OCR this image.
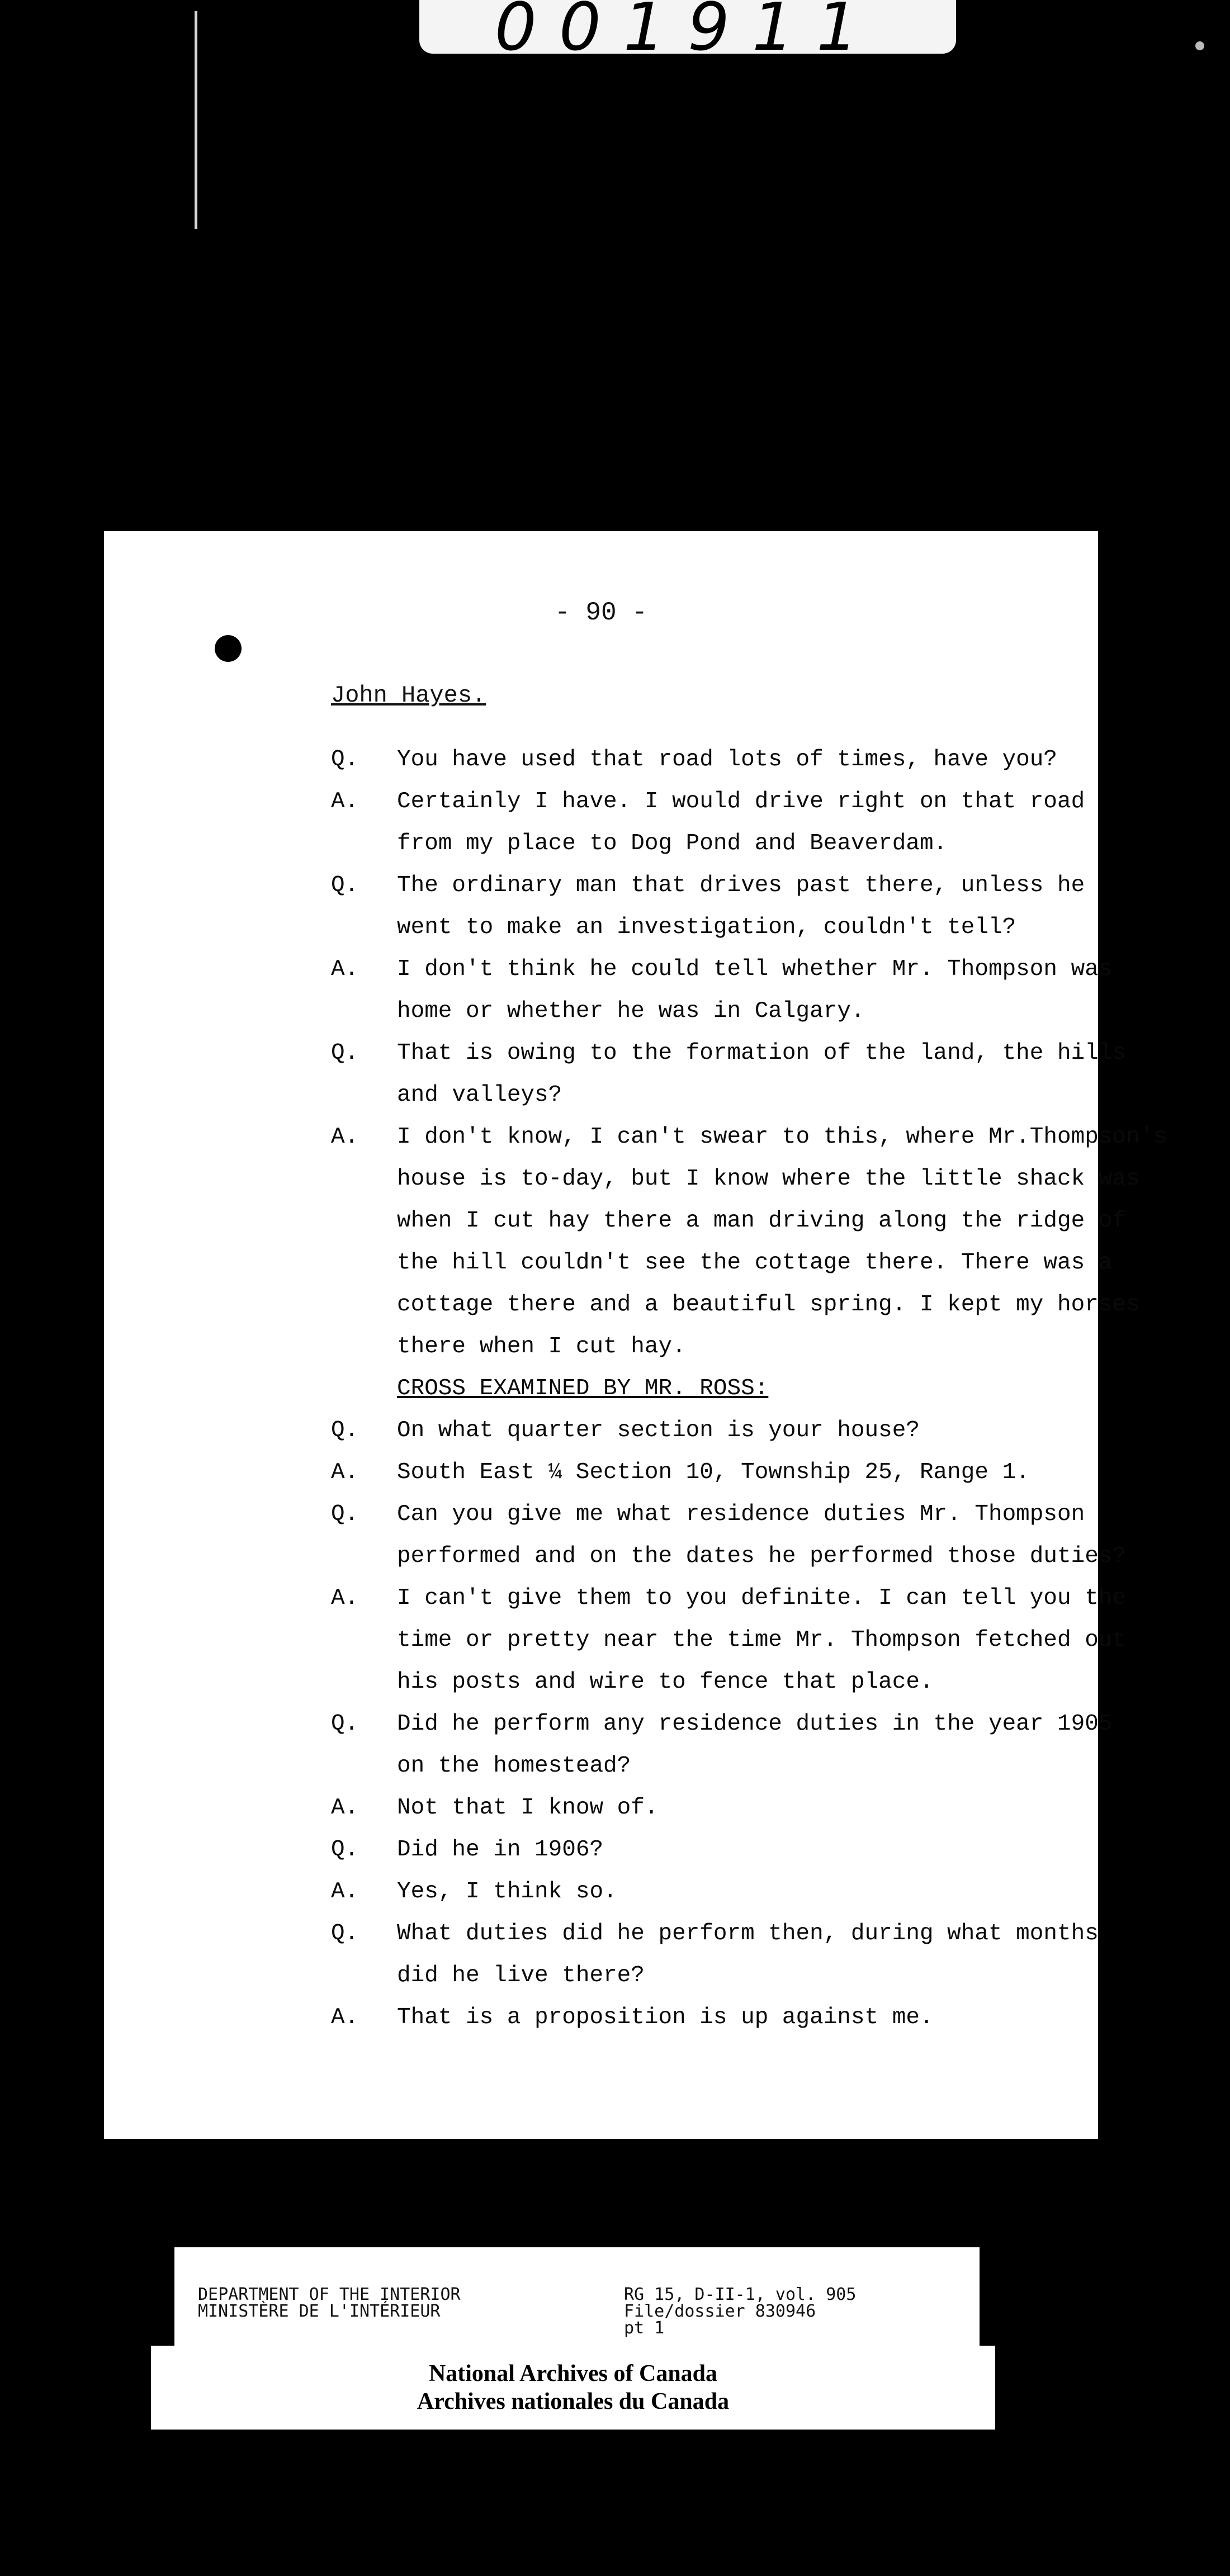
001911
- 90 -
John Hayes.
Q. You have used that road lots of times, have you?
A. Certainly I have. I would drive right on that road
from my place to Dog Pond and Beaverdam.
Q. The ordinary man that drives past there, unless he
went to make an investigation, couldn't tell?
A. I don't think he could tell whether Mr. Thompson was
home or whether he was in Calgary.
Q. That is owing to the formation of the land, the hills
and valleys?
A. I don't know, I can't swear to this, where Mr.Thompson's
house is to-day, but I know where the little shack was
when I cut hay there a man driving along the ridge of
the hill couldn't see the cottage there. There was a
cottage there and a beautiful spring. I kept my horses
there when I cut hay.
CROSS EXAMINED BY MR. ROSS:
Q. On what quarter section is your house?
A. South East ¼ Section 10, Township 25, Range 1.
Q. Can you give me what residence duties Mr. Thompson
performed and on the dates he performed those duties?
A. I can't give them to you definite. I can tell you the
time or pretty near the time Mr. Thompson fetched out
his posts and wire to fence that place.
Q. Did he perform any residence duties in the year 1905
on the homestead?
A. Not that I know of.
Q. Did he in 1906?
A. Yes, I think so.
Q. What duties did he perform then, during what months
did he live there?
A. That is a proposition is up against me.
DEPARTMENT OF THE INTERIOR
MINISTÈRE DE L'INTÉRIEUR
RG 15, D-II-1, vol. 905
File/dossier 830946
pt 1
National Archives of Canada
Archives nationales du Canada
